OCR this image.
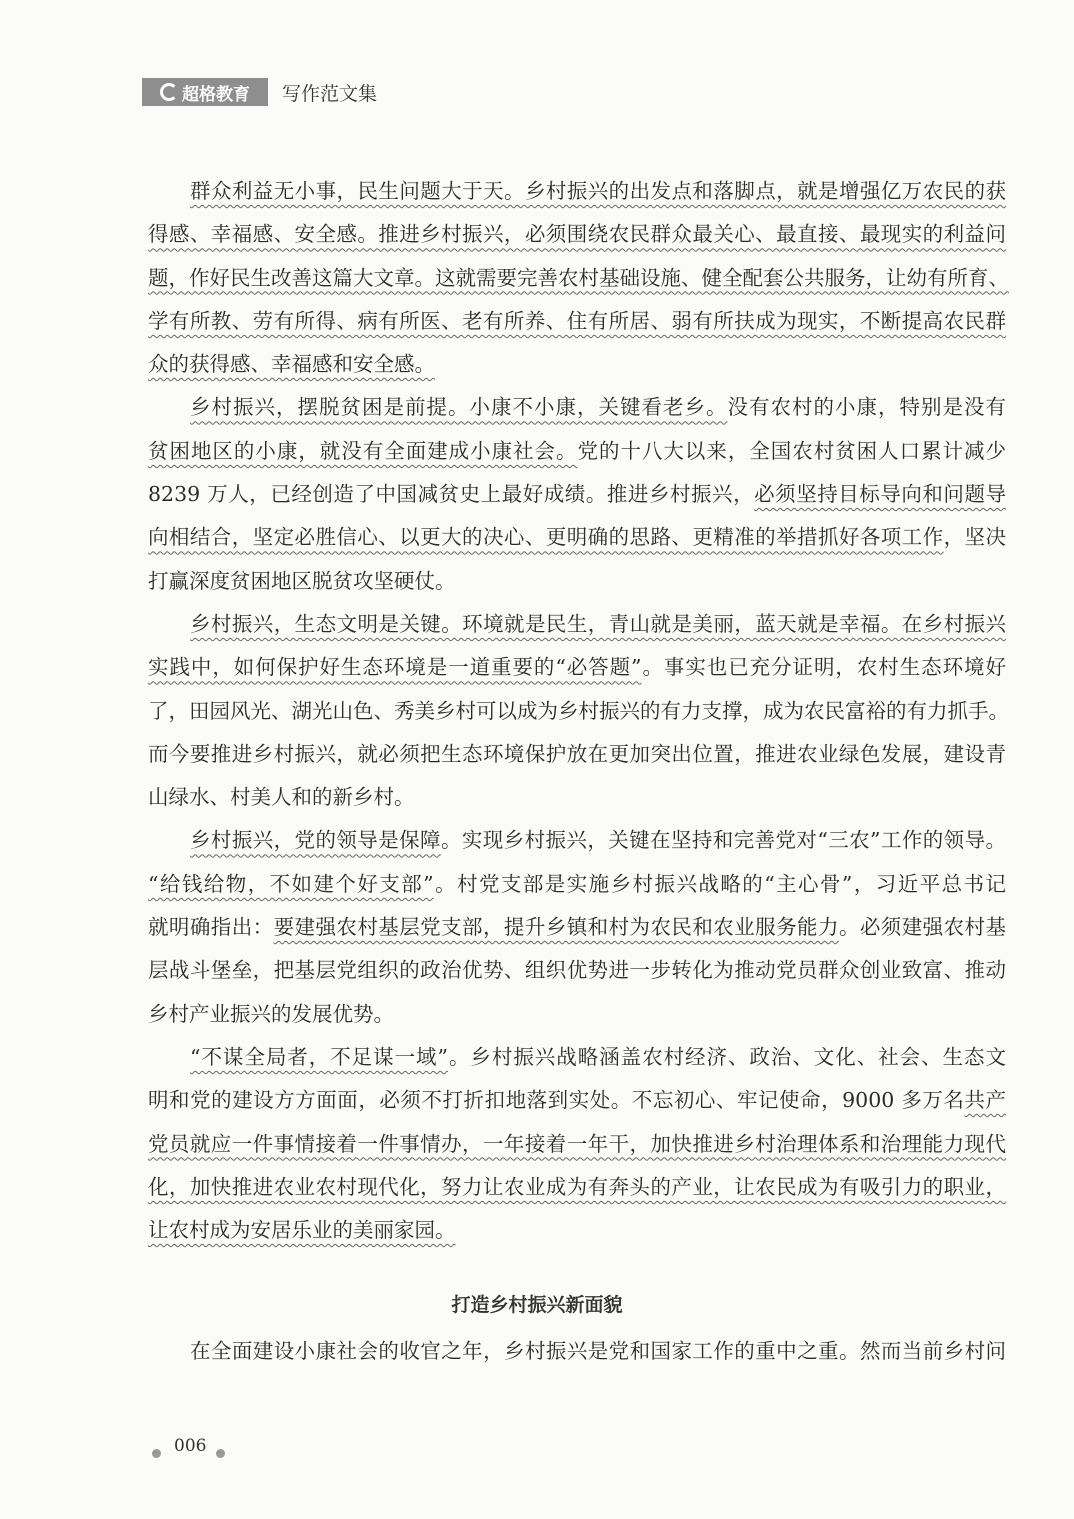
超格教育 写作范文集
群众利益无小事，民生问题大于天。乡村振兴的出发点和落脚点，就是增强亿万农民的获
得感、幸福感、安全感。推进乡村振兴，必须围绕农民群众最关心、最直接、最现实的利益问
题，作好民生改善这篇大文章。这就需要完善农村基础设施、健全配套公共服务，让幼有所育、
学有所教、劳有所得、病有所医、老有所养、住有所居、弱有所扶成为现实，不断提高农民群
众的获得感、幸福感和安全感。
乡村振兴，摆脱贫困是前提。小康不小康，关键看老乡。没有农村的小康，特别是没有
贫困地区的小康，就没有全面建成小康社会。党的十八大以来，全国农村贫困人口累计减少
8239 万人，已经创造了中国减贫史上最好成绩。推进乡村振兴，必须坚持目标导向和问题导
向相结合，坚定必胜信心、以更大的决心、更明确的思路、更精准的举措抓好各项工作，坚决
打赢深度贫困地区脱贫攻坚硬仗。
乡村振兴，生态文明是关键。环境就是民生，青山就是美丽，蓝天就是幸福。在乡村振兴
实践中，如何保护好生态环境是一道重要的“必答题”。事实也已充分证明，农村生态环境好
了，田园风光、湖光山色、秀美乡村可以成为乡村振兴的有力支撑，成为农民富裕的有力抓手。
而今要推进乡村振兴，就必须把生态环境保护放在更加突出位置，推进农业绿色发展，建设青
山绿水、村美人和的新乡村。
乡村振兴，党的领导是保障。实现乡村振兴，关键在坚持和完善党对“三农”工作的领导。
“给钱给物，不如建个好支部”。村党支部是实施乡村振兴战略的“主心骨”，习近平总书记
就明确指出：要建强农村基层党支部，提升乡镇和村为农民和农业服务能力。必须建强农村基
层战斗堡垒，把基层党组织的政治优势、组织优势进一步转化为推动党员群众创业致富、推动
乡村产业振兴的发展优势。
“不谋全局者，不足谋一域”。乡村振兴战略涵盖农村经济、政治、文化、社会、生态文
明和党的建设方方面面，必须不打折扣地落到实处。不忘初心、牢记使命，9000 多万名共产
党员就应一件事情接着一件事情办，一年接着一年干，加快推进乡村治理体系和治理能力现代
化，加快推进农业农村现代化，努力让农业成为有奔头的产业，让农民成为有吸引力的职业，
让农村成为安居乐业的美丽家园。
打造乡村振兴新面貌
在全面建设小康社会的收官之年，乡村振兴是党和国家工作的重中之重。然而当前乡村问
006
